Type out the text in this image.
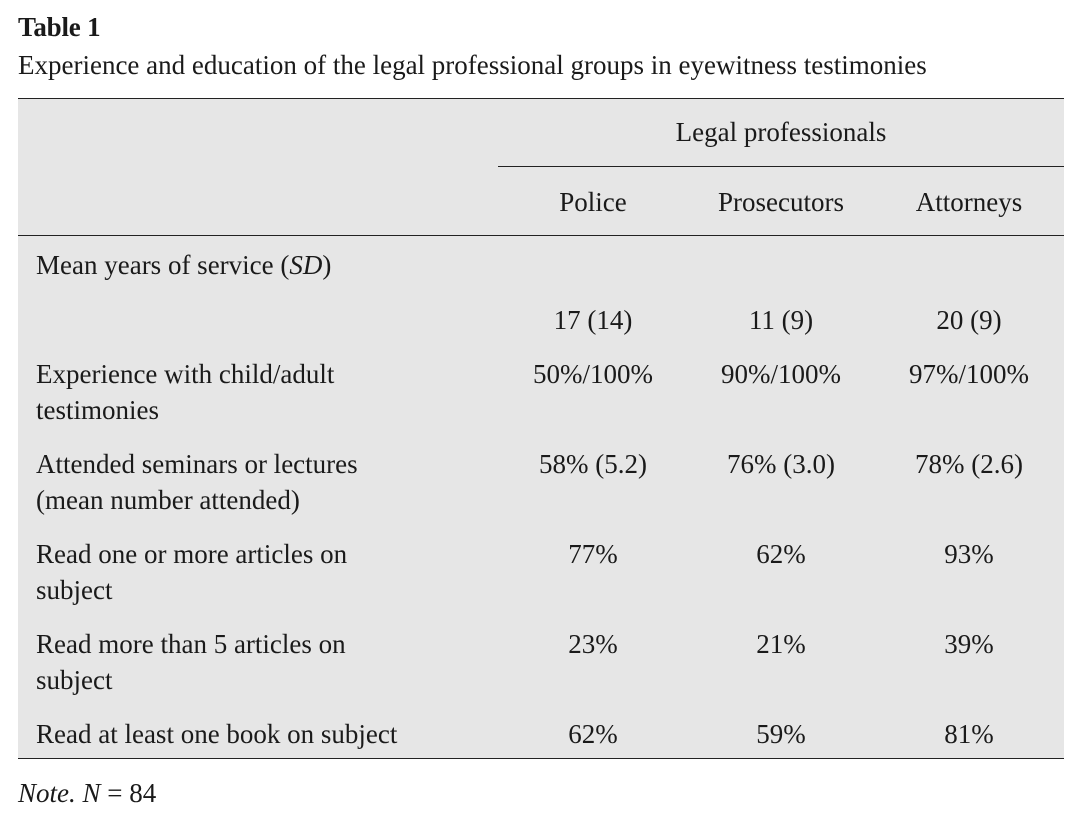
Table 1
Experience and education of the legal professional groups in eyewitness testimonies
Legal professionals
Police	Prosecutors	Attorneys
Mean years of service (SD)
17 (14)	11 (9)	20 (9)
Experience with child/adult
testimonies
50%/100%	90%/100%	97%/100%
Attended seminars or lectures
(mean number attended)
58% (5.2)	76% (3.0)	78% (2.6)
Read one or more articles on
subject
77%	62%	93%
Read more than 5 articles on
subject
23%	21%	39%
Read at least one book on subject	62%	59%	81%
Note. N = 84
